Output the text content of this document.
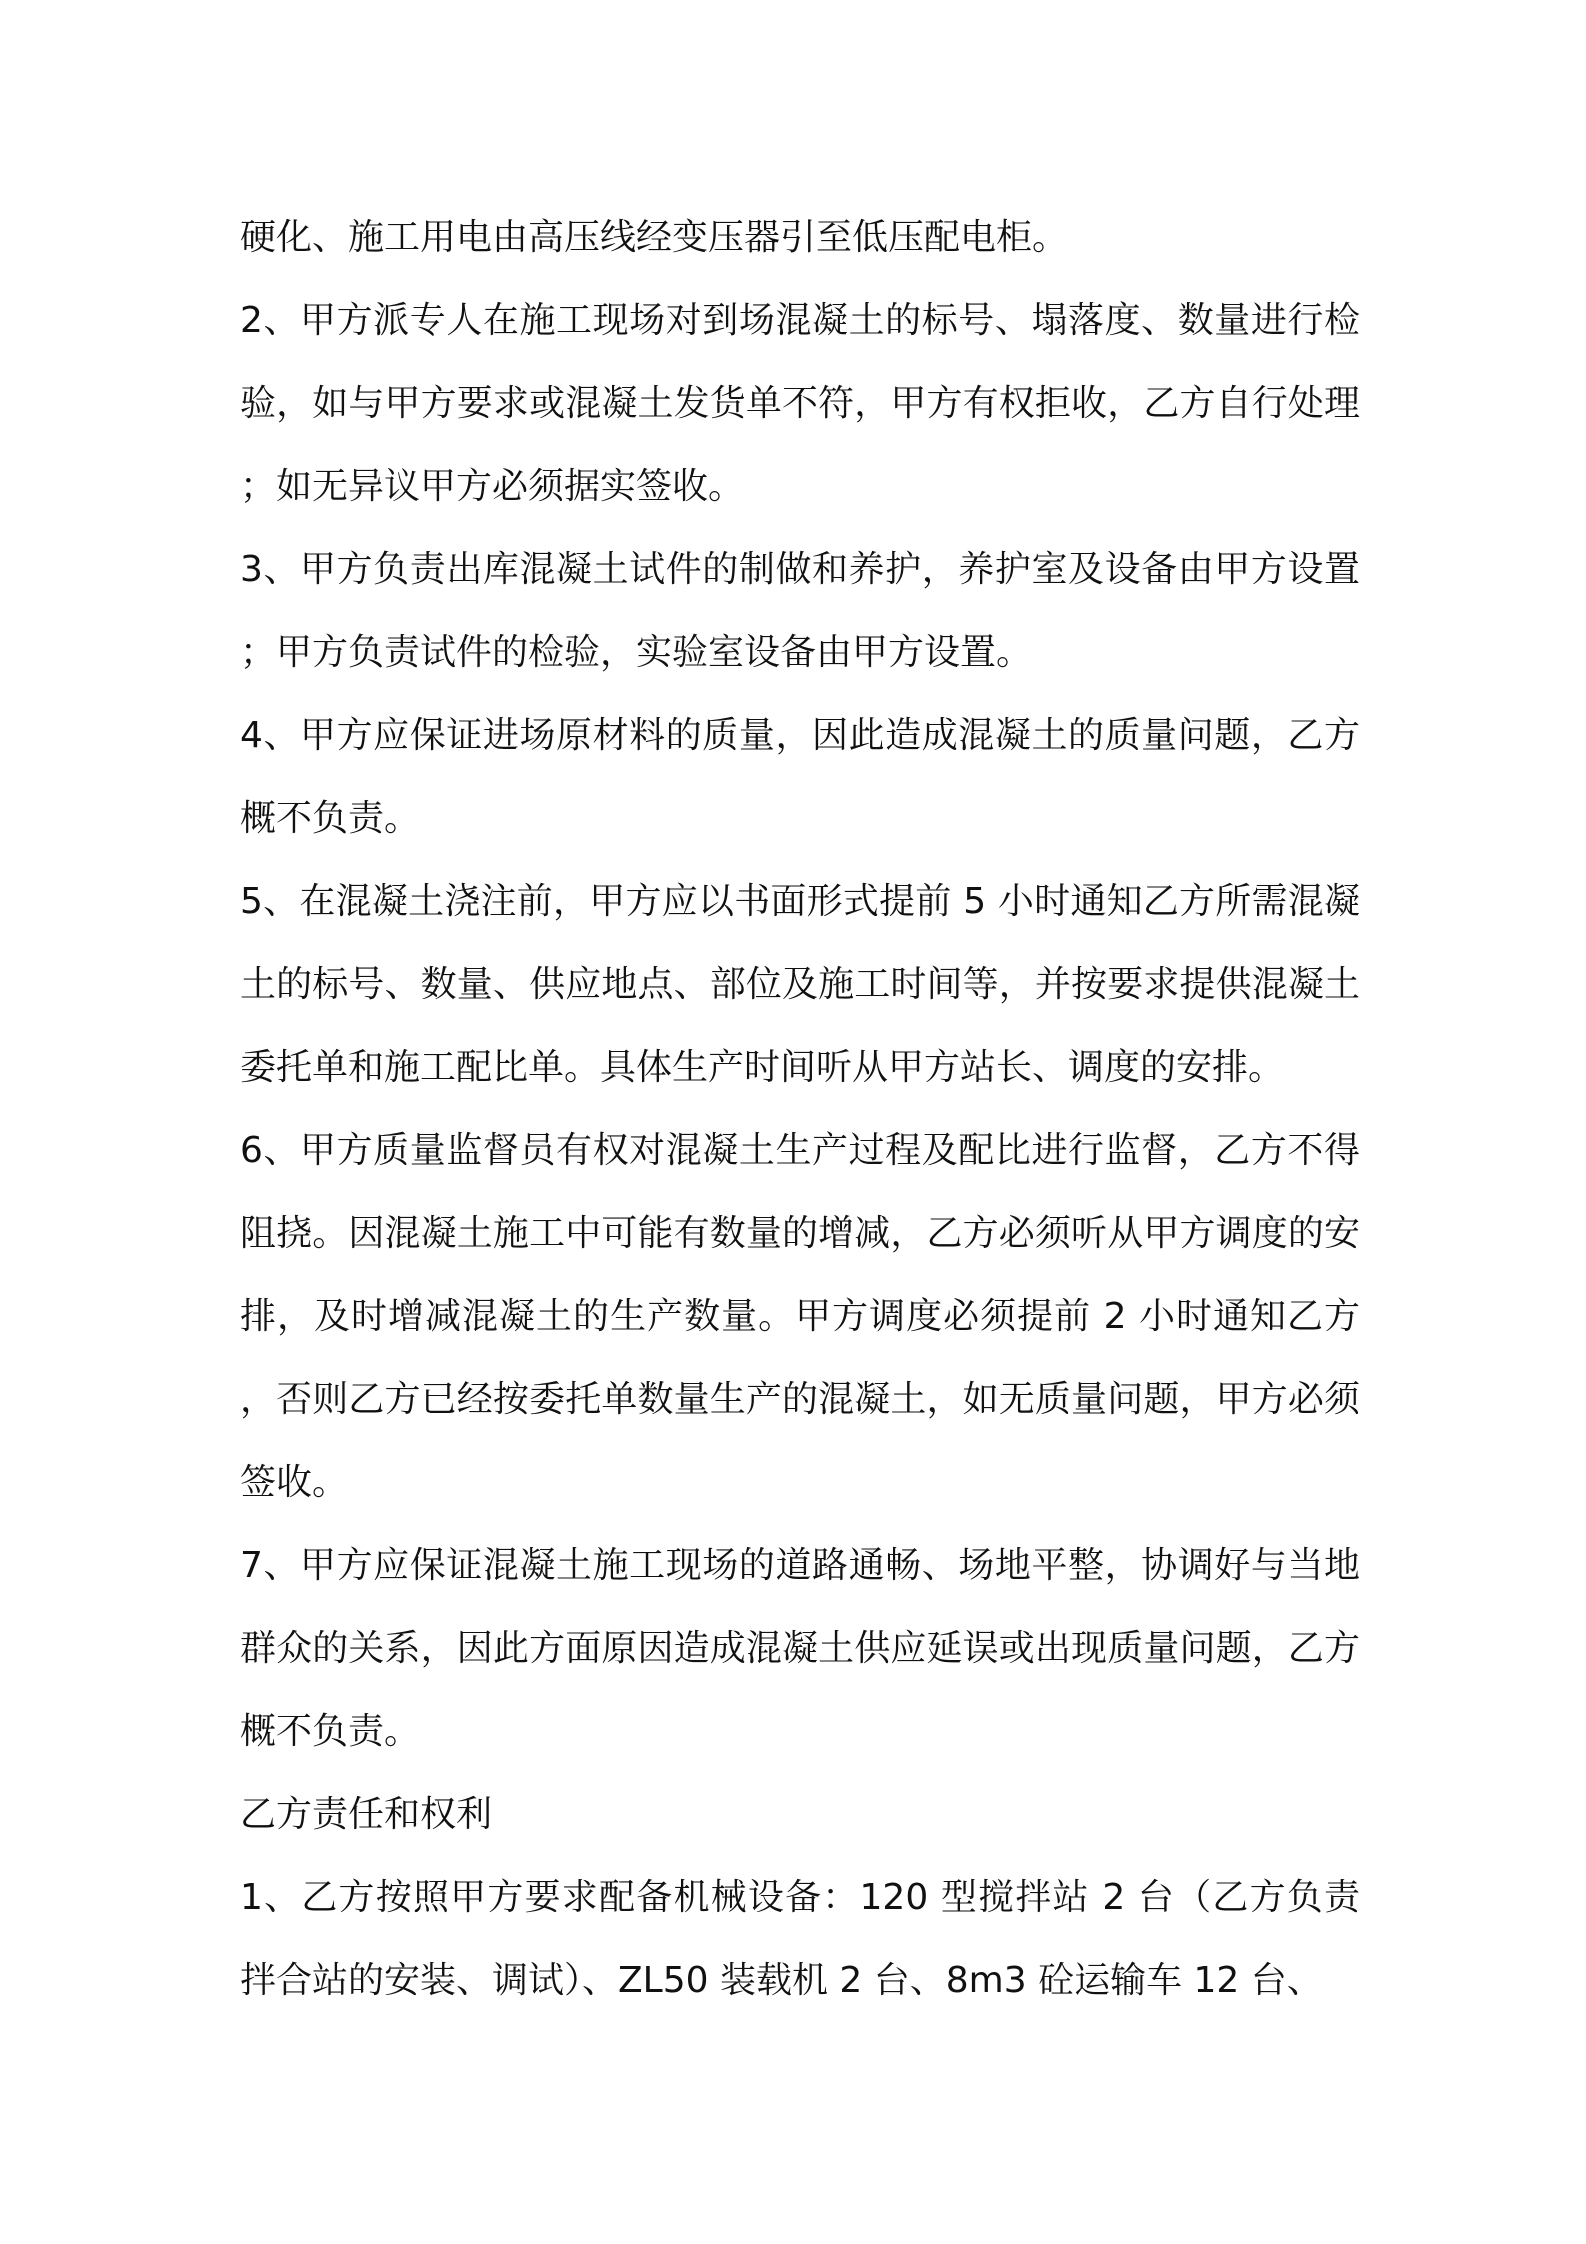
硬化、施工用电由高压线经变压器引至低压配电柜。

2、甲方派专人在施工现场对到场混凝土的标号、塌落度、数量进行检验，如与甲方要求或混凝土发货单不符，甲方有权拒收，乙方自行处理；如无异议甲方必须据实签收。

3、甲方负责出库混凝土试件的制做和养护，养护室及设备由甲方设置；甲方负责试件的检验，实验室设备由甲方设置。

4、甲方应保证进场原材料的质量，因此造成混凝土的质量问题，乙方概不负责。

5、在混凝土浇注前，甲方应以书面形式提前 5 小时通知乙方所需混凝土的标号、数量、供应地点、部位及施工时间等，并按要求提供混凝土委托单和施工配比单。具体生产时间听从甲方站长、调度的安排。

6、甲方质量监督员有权对混凝土生产过程及配比进行监督，乙方不得阻挠。因混凝土施工中可能有数量的增减，乙方必须听从甲方调度的安排，及时增减混凝土的生产数量。甲方调度必须提前 2 小时通知乙方，否则乙方已经按委托单数量生产的混凝土，如无质量问题，甲方必须签收。

7、甲方应保证混凝土施工现场的道路通畅、场地平整，协调好与当地群众的关系，因此方面原因造成混凝土供应延误或出现质量问题，乙方概不负责。

乙方责任和权利

1、乙方按照甲方要求配备机械设备：120 型搅拌站 2 台（乙方负责拌合站的安装、调试）、ZL50 装载机 2 台、8m3 砼运输车 12 台、
